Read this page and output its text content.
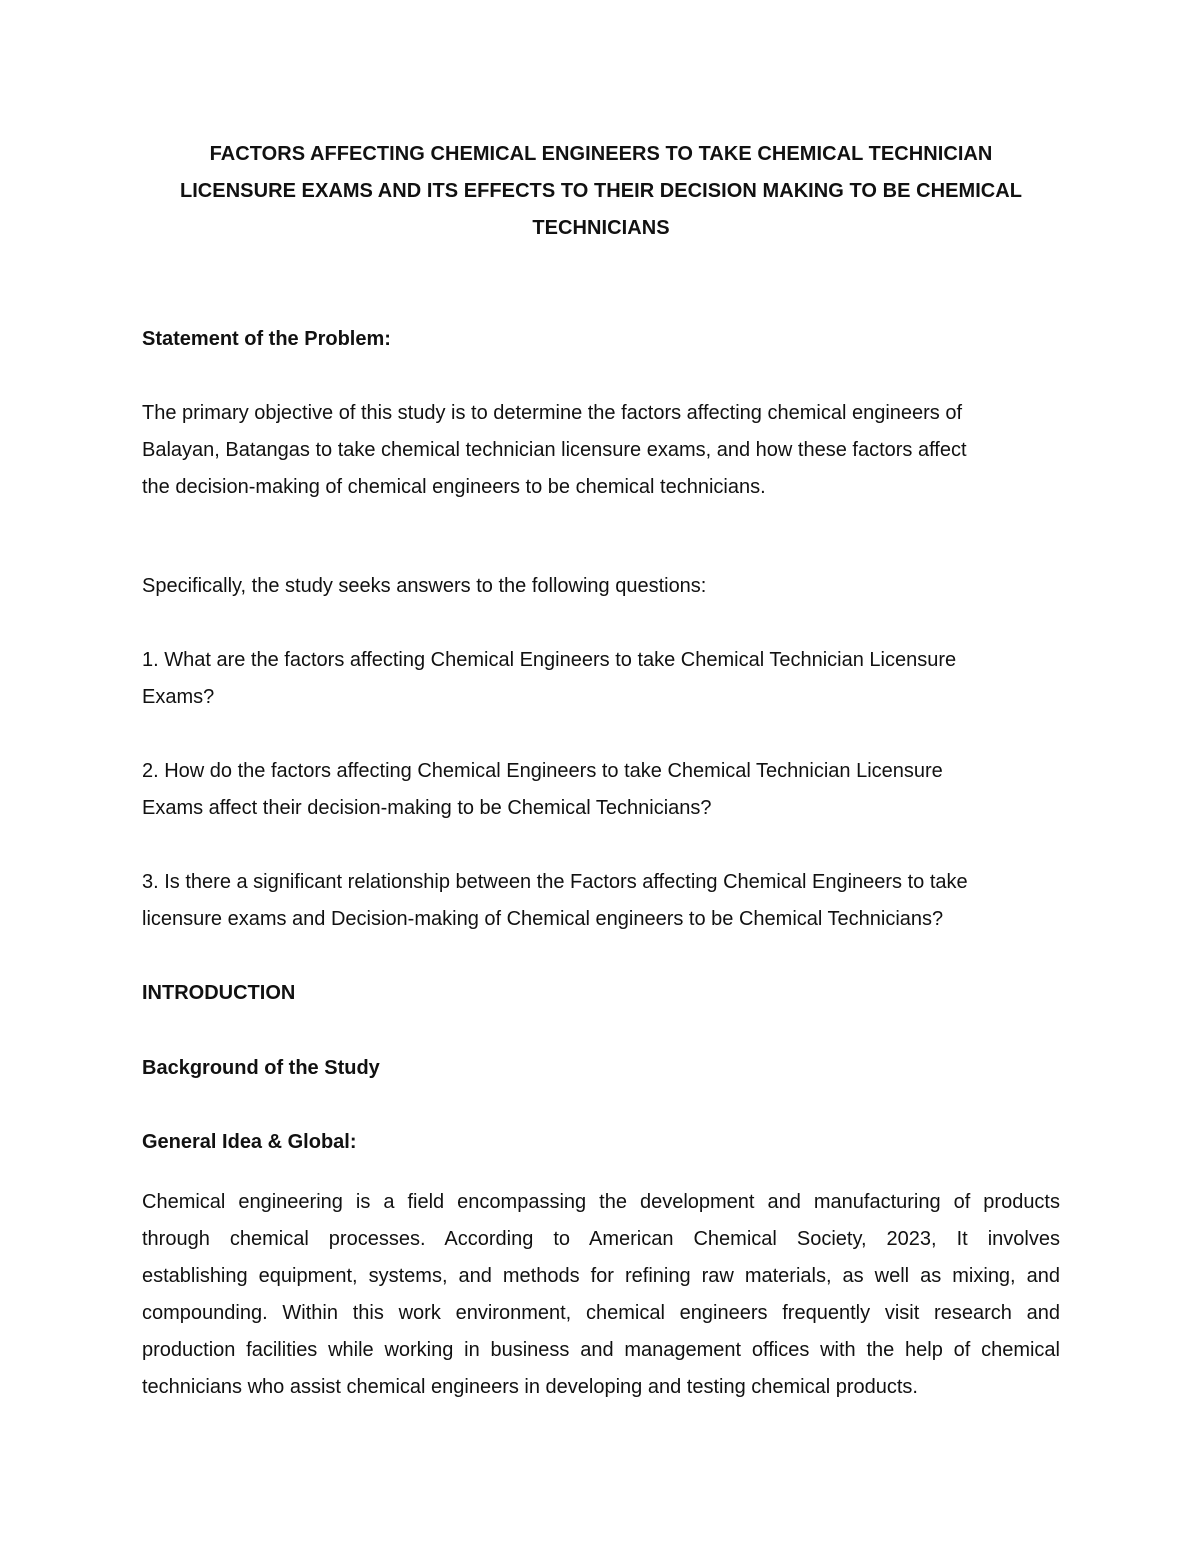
FACTORS AFFECTING CHEMICAL ENGINEERS TO TAKE CHEMICAL TECHNICIAN
LICENSURE EXAMS AND ITS EFFECTS TO THEIR DECISION MAKING TO BE CHEMICAL
TECHNICIANS
Statement of the Problem:

The primary objective of this study is to determine the factors affecting chemical engineers of
Balayan, Batangas to take chemical technician licensure exams, and how these factors affect
the decision-making of chemical engineers to be chemical technicians.

Specifically, the study seeks answers to the following questions:

1. What are the factors affecting Chemical Engineers to take Chemical Technician Licensure
Exams?

2. How do the factors affecting Chemical Engineers to take Chemical Technician Licensure
Exams affect their decision-making to be Chemical Technicians?

3. Is there a significant relationship between the Factors affecting Chemical Engineers to take
licensure exams and Decision-making of Chemical engineers to be Chemical Technicians?

INTRODUCTION
Background of the Study
General Idea & Global:

Chemical engineering is a field encompassing the development and manufacturing of products
through chemical processes. According to American Chemical Society, 2023, It involves
establishing equipment, systems, and methods for refining raw materials, as well as mixing, and
compounding. Within this work environment, chemical engineers frequently visit research and
production facilities while working in business and management offices with the help of chemical
technicians who assist chemical engineers in developing and testing chemical products.
